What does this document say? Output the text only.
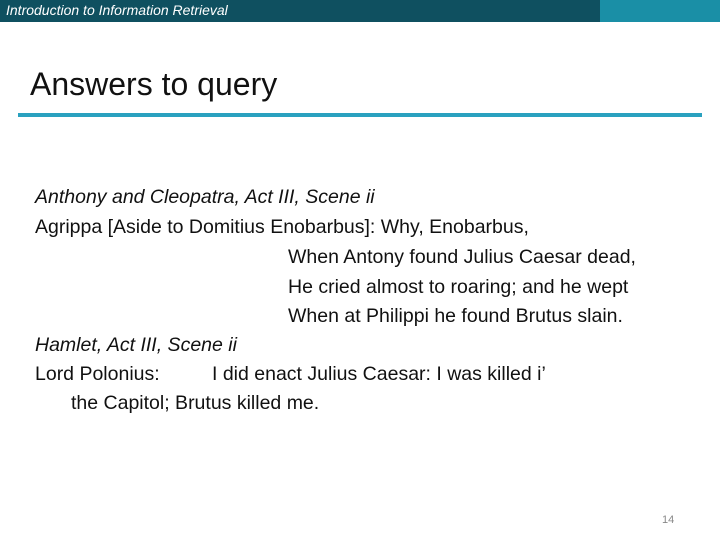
Introduction to Information Retrieval
Answers to query
Anthony and Cleopatra, Act III, Scene ii
Agrippa [Aside to Domitius Enobarbus]: Why, Enobarbus,
When Antony found Julius Caesar dead,
He cried almost to roaring; and he wept
When at Philippi he found Brutus slain.
Hamlet, Act III, Scene ii
Lord Polonius:	I did enact Julius Caesar: I was killed i’
the Capitol; Brutus killed me.
14
